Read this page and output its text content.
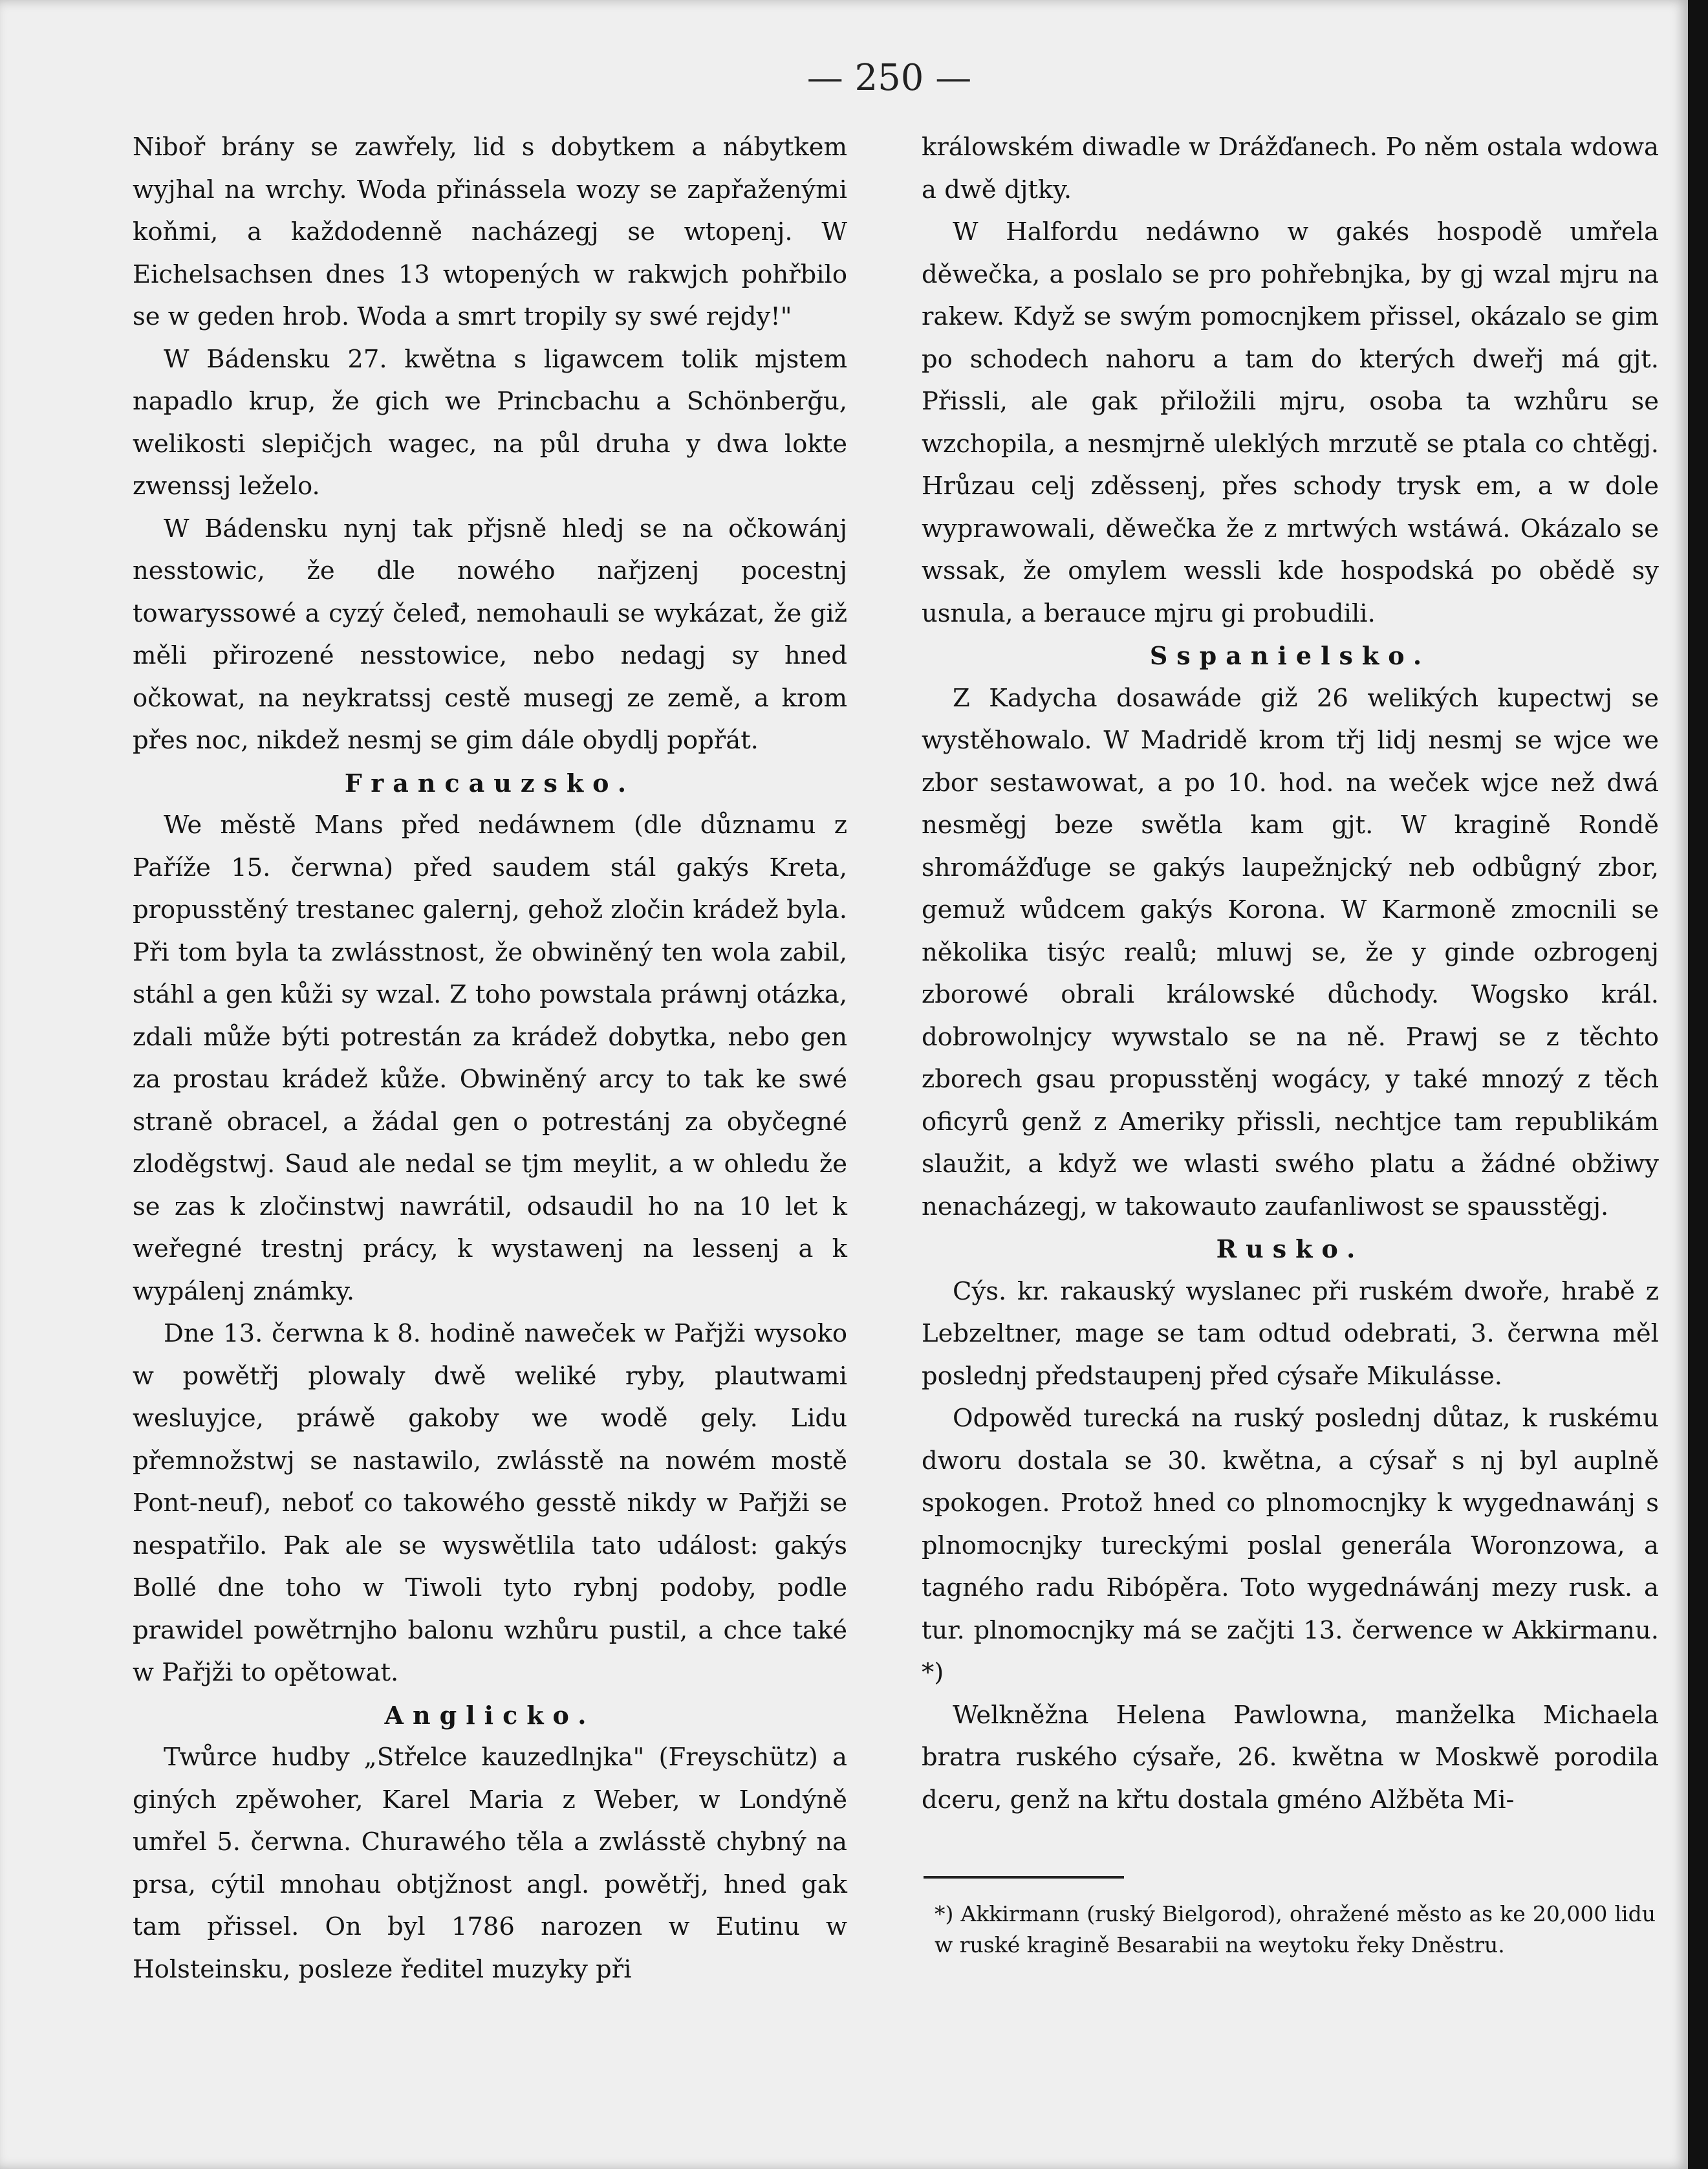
— 250 —

Niboř brány se zawřely, lid s dobytkem a nábytkem wyjhal na wrchy. Woda přinássela wozy se zapřaženými koňmi, a každodenně nacházegj se wtopenj. W Eichelsachsen dnes 13 wtopených w rakwjch pohřbilo se w geden hrob. Woda a smrt tropily sy swé rejdy!"

W Bádensku 27. kwětna s ligawcem tolik mjstem napadlo krup, že gich we Princbachu a Schönberğu, welikosti slepičjch wagec, na půl druha y dwa lokte zwenssj leželo.

W Bádensku nynj tak přjsně hledj se na očkowánj nesstowic, že dle nowého nařjzenj pocestnj towaryssowé a cyzý čeleđ, nemohauli se wykázat, že giž měli přirozené nesstowice, nebo nedagj sy hned očkowat, na neykratssj cestě musegj ze země, a krom přes noc, nikdež nesmj se gim dále obydlj popřát.

Francauzsko.

We městě Mans před nedáwnem (dle důznamu z Paříže 15. čerwna) před saudem stál gakýs Kreta, propusstěný trestanec galernj, gehož zločin krádež byla. Při tom byla ta zwlásstnost, že obwiněný ten wola zabil, stáhl a gen kůži sy wzal. Z toho powstala práwnj otázka, zdali může býti potrestán za krádež dobytka, nebo gen za prostau krádež kůže. Obwiněný arcy to tak ke swé straně obracel, a žádal gen o potrestánj za obyčegné zloděgstwj. Saud ale nedal se tjm meylit, a w ohledu že se zas k zločinstwj nawrátil, odsaudil ho na 10 let k weřegné trestnj prácy, k wystawenj na lessenj a k wypálenj známky.

Dne 13. čerwna k 8. hodině naweček w Pařjži wysoko w powětřj plowaly dwě weliké ryby, plautwami wesluyjce, práwě gakoby we wodě gely. Lidu přemnožstwj se nastawilo, zwlásstě na nowém mostě Pont-neuf), neboť co takowého gesstě nikdy w Pařjži se nespatřilo. Pak ale se wyswětlila tato událost: gakýs Bollé dne toho w Tiwoli tyto rybnj podoby, podle prawidel powětrnjho balonu wzhůru pustil, a chce také w Pařjži to opětowat.

Anglicko.

Twůrce hudby „Střelce kauzedlnjka" (Freyschütz) a giných zpěwoher, Karel Maria z Weber, w Londýně umřel 5. čerwna. Churawého těla a zwlásstě chybný na prsa, cýtil mnohau obtjžnost angl. powětřj, hned gak tam přissel. On byl 1786 narozen w Eutinu w Holsteinsku, posleze ředitel muzyky při

králowském diwadle w Drážďanech. Po něm ostala wdowa a dwě djtky.

W Halfordu nedáwno w gakés hospodě umřela děwečka, a poslalo se pro pohřebnjka, by gj wzal mjru na rakew. Když se swým pomocnjkem přissel, okázalo se gim po schodech nahoru a tam do kterých dweřj má gjt. Přissli, ale gak přiložili mjru, osoba ta wzhůru se wzchopila, a nesmjrně uleklých mrzutě se ptala co chtěgj. Hrůzau celj zděssenj, přes schody trysk em, a w dole wyprawowali, děwečka že z mrtwých wstáwá. Okázalo se wssak, že omylem wessli kde hospodská po obědě sy usnula, a berauce mjru gi probudili.

Sspanielsko.

Z Kadycha dosawáde giž 26 welikých kupectwj se wystěhowalo. W Madridě krom třj lidj nesmj se wjce we zbor sestawowat, a po 10. hod. na weček wjce než dwá nesměgj beze swětla kam gjt. W kragině Rondě shromážďuge se gakýs laupežnjcký neb odbůgný zbor, gemuž wůdcem gakýs Korona. W Karmoně zmocnili se několika tisýc realů; mluwj se, že y ginde ozbrogenj zborowé obrali králowské důchody. Wogsko král. dobrowolnjcy wywstalo se na ně. Prawj se z těchto zborech gsau propusstěnj wogácy, y také mnozý z těch oficyrů genž z Ameriky přissli, nechtjce tam republikám slaužit, a když we wlasti swého platu a žádné obžiwy nenacházegj, w takowauto zaufanliwost se spausstěgj.

Rusko.

Cýs. kr. rakauský wyslanec při ruském dwoře, hrabě z Lebzeltner, mage se tam odtud odebrati, 3. čerwna měl poslednj předstaupenj před cýsaře Mikulásse.

Odpowěd turecká na ruský poslednj důtaz, k ruskému dworu dostala se 30. kwětna, a cýsař s nj byl auplně spokogen. Protož hned co plnomocnjky k wygednawánj s plnomocnjky tureckými poslal generála Woronzowa, a tagného radu Ribópěra. Toto wygednáwánj mezy rusk. a tur. plnomocnjky má se začjti 13. čerwence w Akkirmanu. *)

Welkněžna Helena Pawlowna, manželka Michaela bratra ruského cýsaře, 26. kwětna w Moskwě porodila dceru, genž na křtu dostala gméno Alžběta Mi-

*) Akkirmann (ruský Bielgorod), ohražené město as ke 20,000 lidu w ruské kragině Besarabii na weytoku řeky Dněstru.
